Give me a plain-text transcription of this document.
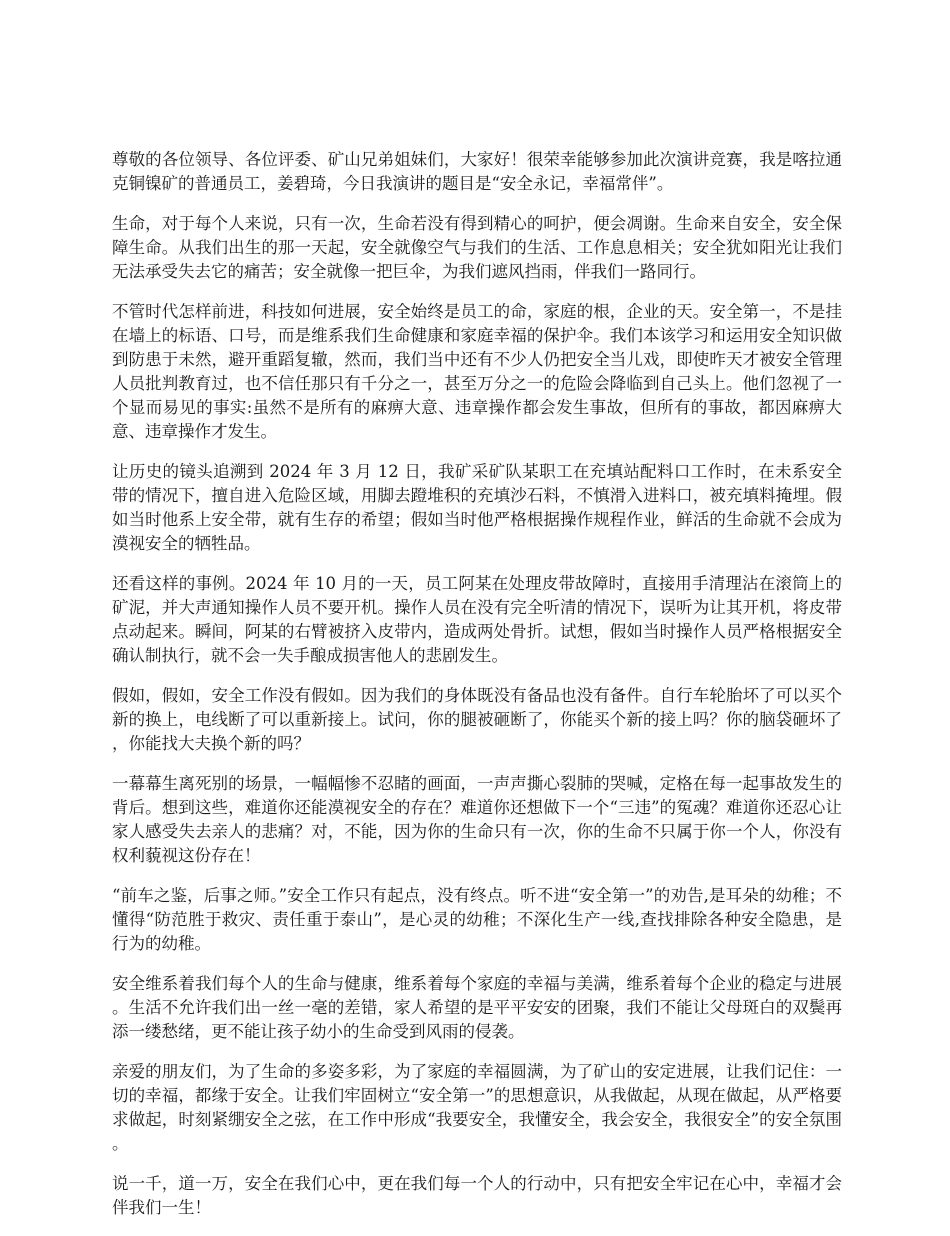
尊敬的各位领导、各位评委、矿山兄弟姐妹们，大家好！很荣幸能够参加此次演讲竞赛，我是喀拉通克铜镍矿的普通员工，姜碧琦，今日我演讲的题目是“安全永记，幸福常伴”。

生命，对于每个人来说，只有一次，生命若没有得到精心的呵护，便会凋谢。生命来自安全，安全保障生命。从我们出生的那一天起，安全就像空气与我们的生活、工作息息相关；安全犹如阳光让我们无法承受失去它的痛苦；安全就像一把巨伞，为我们遮风挡雨，伴我们一路同行。

不管时代怎样前进，科技如何进展，安全始终是员工的命，家庭的根，企业的天。安全第一，不是挂在墙上的标语、口号，而是维系我们生命健康和家庭幸福的保护伞。我们本该学习和运用安全知识做到防患于未然，避开重蹈复辙，然而，我们当中还有不少人仍把安全当儿戏，即使昨天才被安全管理人员批判教育过，也不信任那只有千分之一，甚至万分之一的危险会降临到自己头上。他们忽视了一个显而易见的事实:虽然不是所有的麻痹大意、违章操作都会发生事故，但所有的事故，都因麻痹大意、违章操作才发生。

让历史的镜头追溯到 2024 年 3 月 12 日，我矿采矿队某职工在充填站配料口工作时，在未系安全带的情况下，擅自进入危险区域，用脚去蹬堆积的充填沙石料，不慎滑入进料口，被充填料掩埋。假如当时他系上安全带，就有生存的希望；假如当时他严格根据操作规程作业，鲜活的生命就不会成为漠视安全的牺牲品。

还看这样的事例。2024 年 10 月的一天，员工阿某在处理皮带故障时，直接用手清理沾在滚筒上的矿泥，并大声通知操作人员不要开机。操作人员在没有完全听清的情况下，误听为让其开机，将皮带点动起来。瞬间，阿某的右臂被挤入皮带内，造成两处骨折。试想，假如当时操作人员严格根据安全确认制执行，就不会一失手酿成损害他人的悲剧发生。

假如，假如，安全工作没有假如。因为我们的身体既没有备品也没有备件。自行车轮胎坏了可以买个新的换上，电线断了可以重新接上。试问，你的腿被砸断了，你能买个新的接上吗？你的脑袋砸坏了，你能找大夫换个新的吗？

一幕幕生离死别的场景，一幅幅惨不忍睹的画面，一声声撕心裂肺的哭喊，定格在每一起事故发生的背后。想到这些，难道你还能漠视安全的存在？难道你还想做下一个“三违”的冤魂？难道你还忍心让家人感受失去亲人的悲痛？对，不能，因为你的生命只有一次，你的生命不只属于你一个人，你没有权利藐视这份存在！

“前车之鉴，后事之师。”安全工作只有起点，没有终点。听不进“安全第一”的劝告,是耳朵的幼稚；不懂得“防范胜于救灾、责任重于泰山”，是心灵的幼稚；不深化生产一线,查找排除各种安全隐患，是行为的幼稚。

安全维系着我们每个人的生命与健康，维系着每个家庭的幸福与美满，维系着每个企业的稳定与进展。生活不允许我们出一丝一毫的差错，家人希望的是平平安安的团聚，我们不能让父母斑白的双鬓再添一缕愁绪，更不能让孩子幼小的生命受到风雨的侵袭。

亲爱的朋友们，为了生命的多姿多彩，为了家庭的幸福圆满，为了矿山的安定进展，让我们记住：一切的幸福，都缘于安全。让我们牢固树立“安全第一”的思想意识，从我做起，从现在做起，从严格要求做起，时刻紧绷安全之弦，在工作中形成“我要安全，我懂安全，我会安全，我很安全”的安全氛围。

说一千，道一万，安全在我们心中，更在我们每一个人的行动中，只有把安全牢记在心中，幸福才会伴我们一生！
